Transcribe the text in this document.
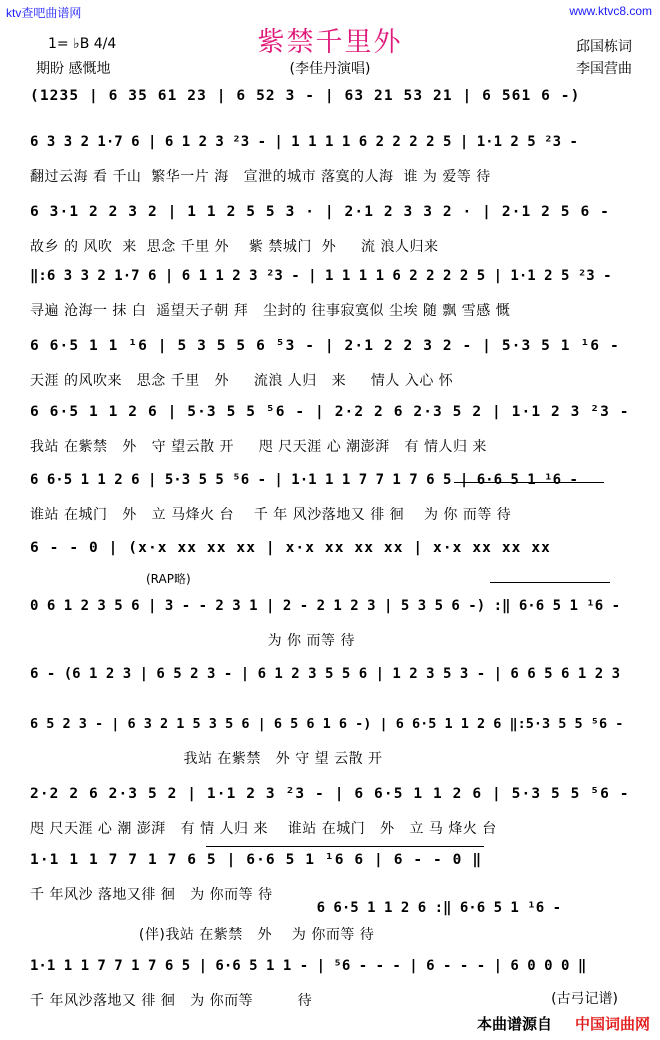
ktv查吧曲谱网	www.ktvc8.com
紫禁千里外
1= ♭B 4/4
期盼 感慨地	(李佳丹演唱)
邱国栋词
李国营曲
(1235 | 6 35 61 23 | 6 52 3 - | 63 21 53 21 | 6 561 6 -)
6 3 3 2 1·7 6 | 6 1 2 3 ²3 - | 1 1 1 1 6 2 2 2 2 5 | 1·1 2 5 ²3 -
翻过云海 看 千山  繁华一片 海   宣泄的城市 落寞的人海  谁 为 爱等 待
6 3·1 2 2 3 2 | 1 1 2 5 5 3 · | 2·1 2 3 3 2 · | 2·1 2 5 6 -
故乡 的 风吹  来  思念 千里 外    紫 禁城门  外     流 浪人归来
‖:6 3 3 2 1·7 6 | 6 1 1 2 3 ²3 - | 1 1 1 1 6 2 2 2 2 5 | 1·1 2 5 ²3 -
寻遍 沧海一 抹 白  遥望天子朝 拜   尘封的 往事寂寞似 尘埃 随 飘 雪感 慨
6 6·5 1 1 ¹6 | 5 3 5 5 6 ⁵3 - | 2·1 2 2 3 2 - | 5·3 5 1 ¹6 -
天涯 的风吹来   思念 千里   外     流浪 人归   来     情人 入心 怀
6 6·5 1 1 2 6 | 5·3 5 5 ⁵6 - | 2·2 2 6 2·3 5 2 | 1·1 2 3 ²3 -
我站 在紫禁   外   守 望云散 开     咫 尺天涯 心 潮澎湃   有 情人归 来
6 6·5 1 1 2 6 | 5·3 5 5 ⁵6 - | 1·1 1 1 7 7 1 7 6 5 | 6·6 5 1 ¹6 -
谁站 在城门   外   立 马烽火 台    千 年 风沙落地又 徘 徊    为 你 而等 待
6 - - 0 | (x·x xx xx xx | x·x xx xx xx | x·x xx xx xx
0 6 1 2 3 5 6 | 3 - - 2 3 1 | 2 - 2 1 2 3 | 5 3 5 6 -) :‖ 6·6 5 1 ¹6 -
为 你 而等 待
6 - (6 1 2 3 | 6 5 2 3 - | 6 1 2 3 5 5 6 | 1 2 3 5 3 - | 6 6 5 6 1 2 3
6 5 2 3 - | 6 3 2 1 5 3 5 6 | 6 5 6 1 6 -) | 6 6·5 1 1 2 6 ‖:5·3 5 5 ⁵6 -
我站 在紫禁   外 守 望 云散 开
2·2 2 6 2·3 5 2 | 1·1 2 3 ²3 - | 6 6·5 1 1 2 6 | 5·3 5 5 ⁵6 -
咫 尺天涯 心 潮 澎湃   有 情 人归 来    谁站 在城门   外   立 马 烽火 台
1·1 1 1 7 7 1 7 6 5 | 6·6 5 1 ¹6 6 | 6 - - 0 ‖
千 年风沙 落地又徘 徊   为 你而等 待
6 6·5 1 1 2 6 :‖ 6·6 5 1 ¹6 -
(伴)我站 在紫禁   外    为 你而等 待
1·1 1 1 7 7 1 7 6 5 | 6·6 5 1 1 - | ⁵6 - - - | 6 - - - | 6 0 0 0 ‖
千 年风沙落地又 徘 徊   为 你而等         待
(RAP略)
(古弓记谱)
本曲谱源自 中国词曲网
